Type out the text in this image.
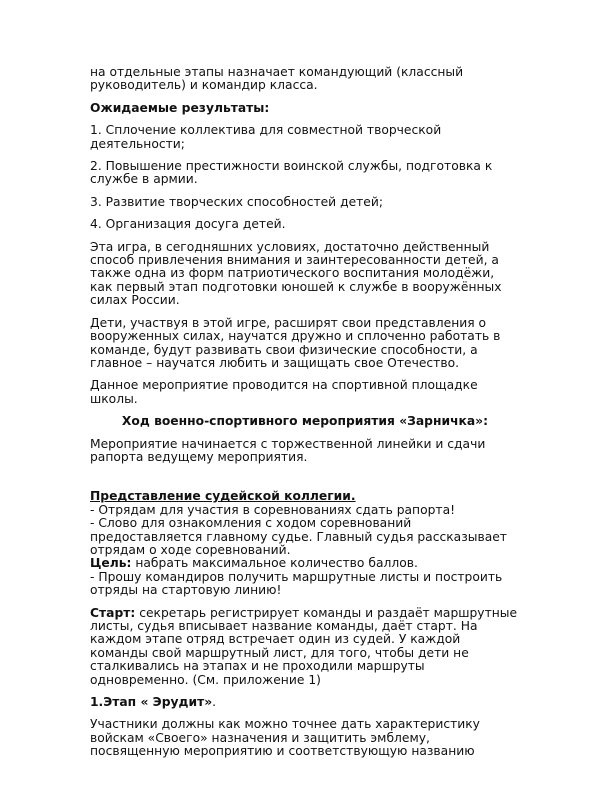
на отдельные этапы назначает командующий (классный руководитель) и командир класса.

Ожидаемые результаты:

1. Сплочение коллектива для совместной творческой деятельности;

2. Повышение престижности воинской службы, подготовка к службе в армии.

3. Развитие творческих способностей детей;

4. Организация досуга детей.

Эта игра, в сегодняшних условиях, достаточно действенный способ привлечения внимания и заинтересованности детей, а также одна из форм патриотического воспитания молодёжи, как первый этап подготовки юношей к службе в вооружённых силах России.

Дети, участвуя в этой игре, расширят свои представления о вооруженных силах, научатся дружно и сплоченно работать в команде, будут развивать свои физические способности, а главное – научатся любить и защищать свое Отечество.

Данное мероприятие проводится на спортивной площадке школы.

Ход военно-спортивного мероприятия «Зарничка»:

Мероприятие начинается с торжественной линейки и сдачи рапорта ведущему мероприятия.

Представление судейской коллегии.

- Отрядам для участия в соревнованиях сдать рапорта!

- Слово для ознакомления с ходом соревнований предоставляется главному судье. Главный судья рассказывает отрядам о ходе соревнований.

Цель: набрать максимальное количество баллов.

- Прошу командиров получить маршрутные листы и построить отряды на стартовую линию!

Старт: секретарь регистрирует команды и раздаёт маршрутные листы, судья вписывает название команды, даёт старт. На каждом этапе отряд встречает один из судей. У каждой команды свой маршрутный лист, для того, чтобы дети не сталкивались на этапах и не проходили маршруты одновременно. (См. приложение 1)

1.Этап « Эрудит».

Участники должны как можно точнее дать характеристику войскам «Своего» назначения и защитить эмблему, посвященную мероприятию и соответствующую названию
